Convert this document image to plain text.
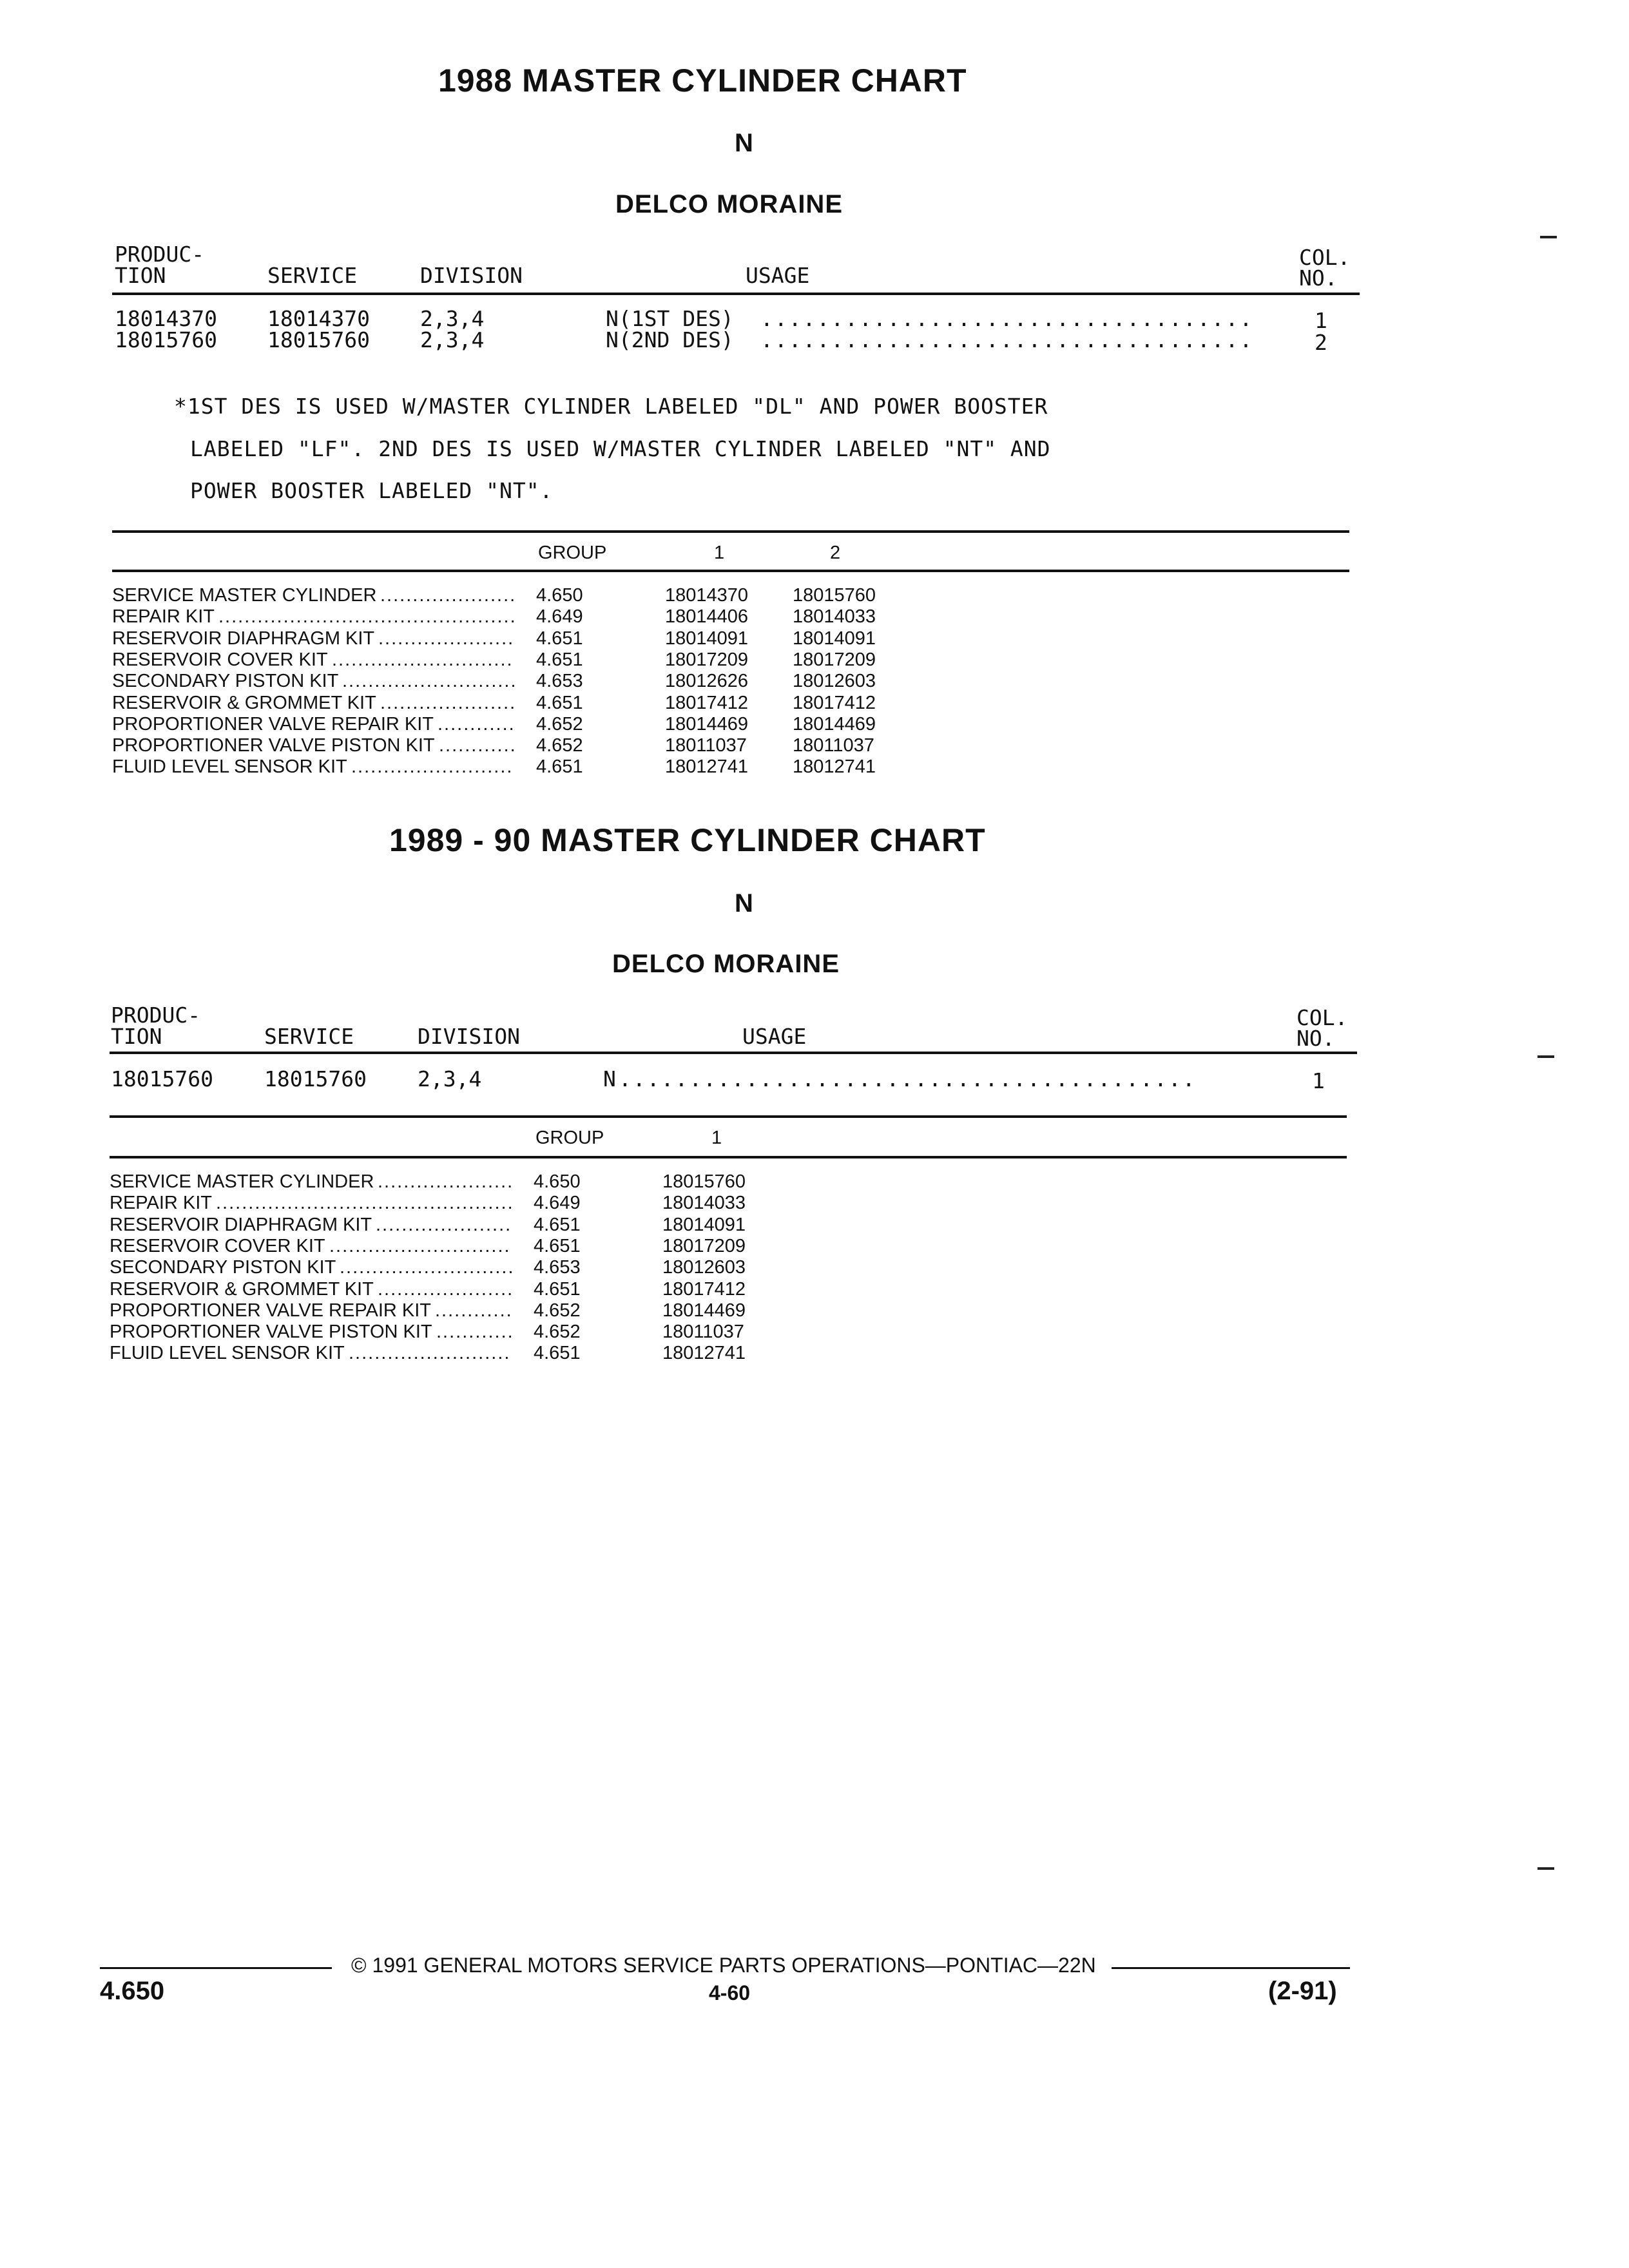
1988 MASTER CYLINDER CHART
N
DELCO MORAINE
PRODUC-
TION	SERVICE	DIVISION	USAGE
COL.
NO.
18014370 18014370 2,3,4	N(1ST DES) ...................................	1
18015760 18015760 2,3,4	N(2ND DES) ...................................	2
*1ST DES IS USED W/MASTER CYLINDER LABELED "DL" AND POWER BOOSTER
LABELED "LF". 2ND DES IS USED W/MASTER CYLINDER LABELED "NT" AND
POWER BOOSTER LABELED "NT".
GROUP	1	2
SERVICE MASTER CYLINDER ..................... 4.650	18014370 18015760
REPAIR KIT .............................................. 4.649	18014406 18014033
RESERVOIR DIAPHRAGM KIT ..................... 4.651	18014091 18014091
RESERVOIR COVER KIT ............................ 4.651	18017209 18017209
SECONDARY PISTON KIT ........................... 4.653	18012626 18012603
RESERVOIR & GROMMET KIT ..................... 4.651	18017412 18017412
PROPORTIONER VALVE REPAIR KIT ............ 4.652	18014469 18014469
PROPORTIONER VALVE PISTON KIT ............ 4.652	18011037 18011037
FLUID LEVEL SENSOR KIT ......................... 4.651	18012741 18012741
1989 - 90 MASTER CYLINDER CHART
N
DELCO MORAINE
PRODUC-
TION	SERVICE	DIVISION	USAGE
COL.
NO.
18015760 18015760 2,3,4	N .........................................	1
GROUP	1
SERVICE MASTER CYLINDER ..................... 4.650	18015760
REPAIR KIT .............................................. 4.649	18014033
RESERVOIR DIAPHRAGM KIT ..................... 4.651	18014091
RESERVOIR COVER KIT ............................ 4.651	18017209
SECONDARY PISTON KIT ........................... 4.653	18012603
RESERVOIR & GROMMET KIT ..................... 4.651	18017412
PROPORTIONER VALVE REPAIR KIT ............ 4.652	18014469
PROPORTIONER VALVE PISTON KIT ............ 4.652	18011037
FLUID LEVEL SENSOR KIT ......................... 4.651	18012741
© 1991 GENERAL MOTORS SERVICE PARTS OPERATIONS—PONTIAC—22N
4.650	4-60	(2-91)
